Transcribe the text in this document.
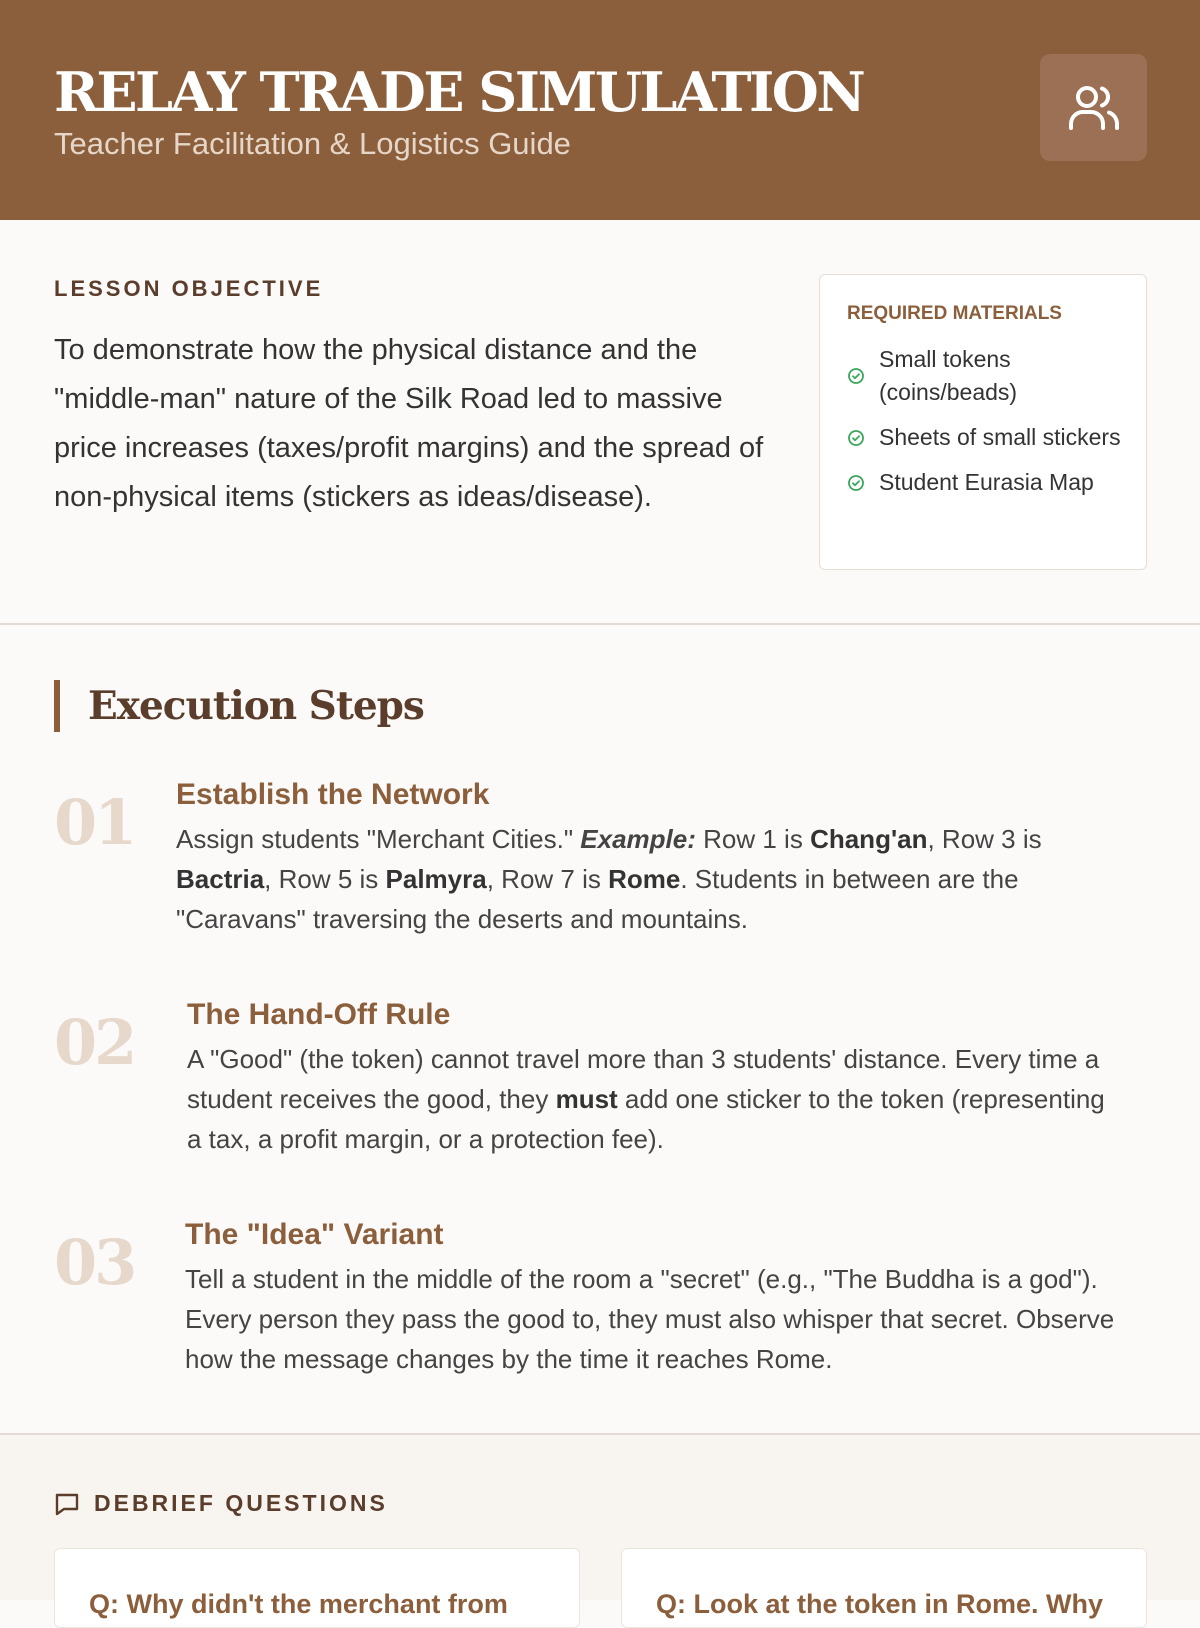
RELAY TRADE SIMULATION
Teacher Facilitation & Logistics Guide
LESSON OBJECTIVE

To demonstrate how the physical distance and the "middle-man" nature of the Silk Road led to massive price increases (taxes/profit margins) and the spread of non-physical items (stickers as ideas/disease).

REQUIRED MATERIALS
Small tokens (coins/beads)
Sheets of small stickers
Student Eurasia Map
Execution Steps
01 Establish the Network

Assign students "Merchant Cities." Example: Row 1 is Chang'an, Row 3 is Bactria, Row 5 is Palmyra, Row 7 is Rome. Students in between are the "Caravans" traversing the deserts and mountains.

02 The Hand-Off Rule

A "Good" (the token) cannot travel more than 3 students' distance. Every time a student receives the good, they must add one sticker to the token (representing a tax, a profit margin, or a protection fee).

03 The "Idea" Variant

Tell a student in the middle of the room a "secret" (e.g., "The Buddha is a god"). Every person they pass the good to, they must also whisper that secret. Observe how the message changes by the time it reaches Rome.

DEBRIEF QUESTIONS
Q: Why didn't the merchant from	Q: Look at the token in Rome. Why
